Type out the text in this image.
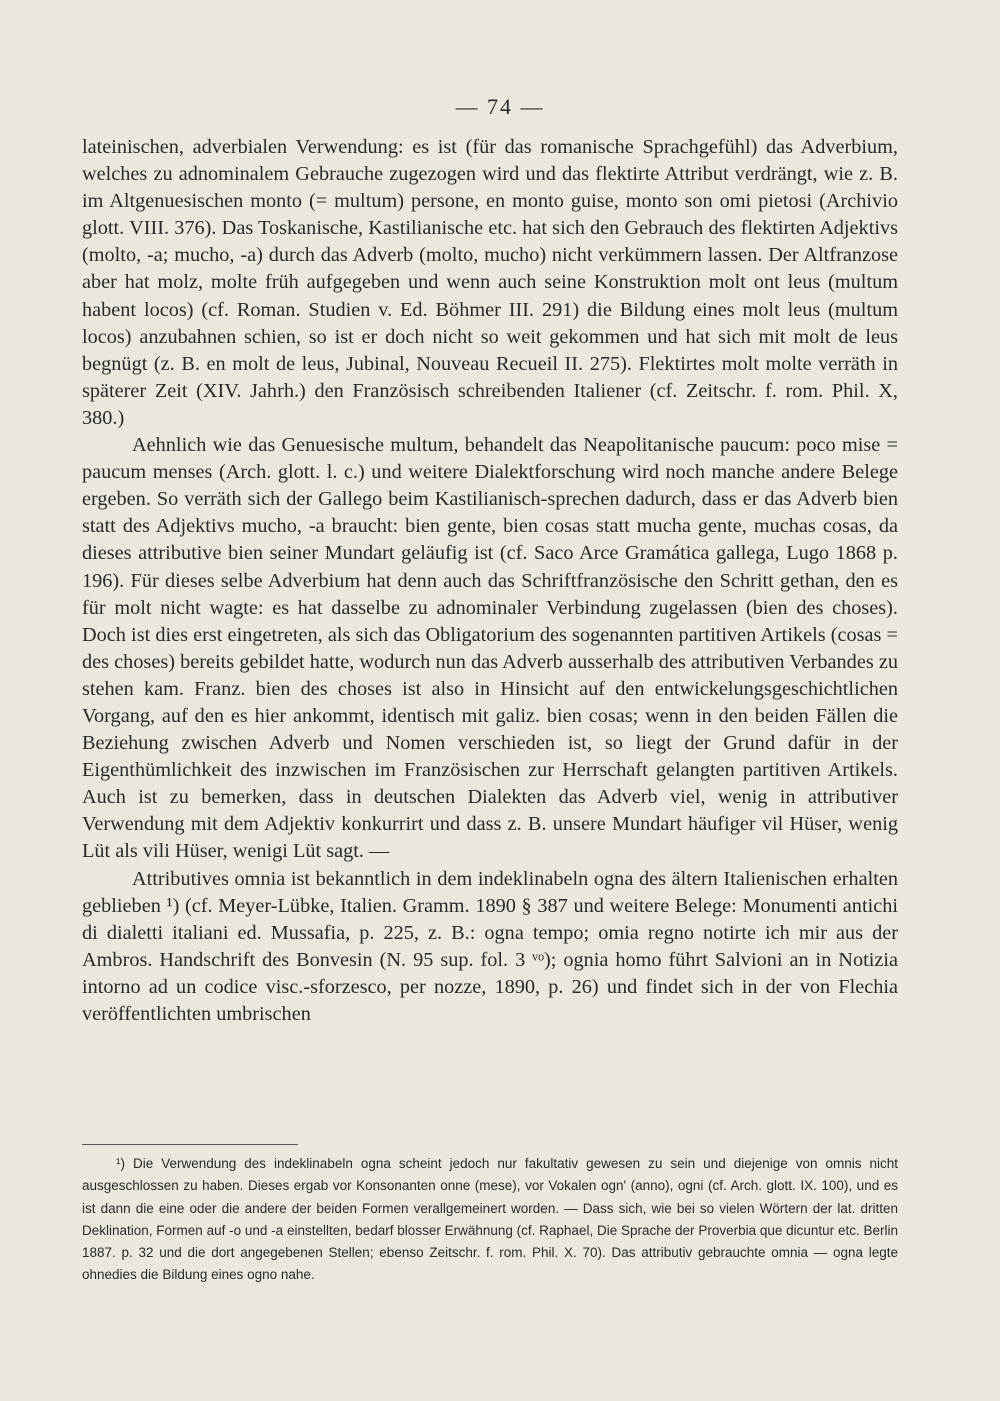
— 74 —

lateinischen, adverbialen Verwendung: es ist (für das romanische Sprachgefühl) das Adverbium, welches zu adnominalem Gebrauche zugezogen wird und das flektirte Attribut verdrängt, wie z. B. im Altgenuesischen monto (= multum) persone, en monto guise, monto son omi pietosi (Archivio glott. VIII. 376). Das Toskanische, Kastilianische etc. hat sich den Gebrauch des flektirten Adjektivs (molto, -a; mucho, -a) durch das Adverb (molto, mucho) nicht verkümmern lassen. Der Altfranzose aber hat molz, molte früh aufgegeben und wenn auch seine Konstruktion molt ont leus (multum habent locos) (cf. Roman. Studien v. Ed. Böhmer III. 291) die Bildung eines molt leus (multum locos) anzubahnen schien, so ist er doch nicht so weit gekommen und hat sich mit molt de leus begnügt (z. B. en molt de leus, Jubinal, Nouveau Recueil II. 275). Flektirtes molt molte verräth in späterer Zeit (XIV. Jahrh.) den Französisch schreibenden Italiener (cf. Zeitschr. f. rom. Phil. X, 380.)

Aehnlich wie das Genuesische multum, behandelt das Neapolitanische paucum: poco mise = paucum menses (Arch. glott. l. c.) und weitere Dialektforschung wird noch manche andere Belege ergeben. So verräth sich der Gallego beim Kastilianisch-sprechen dadurch, dass er das Adverb bien statt des Adjektivs mucho, -a braucht: bien gente, bien cosas statt mucha gente, muchas cosas, da dieses attributive bien seiner Mundart geläufig ist (cf. Saco Arce Gramática gallega, Lugo 1868 p. 196). Für dieses selbe Adverbium hat denn auch das Schriftfranzösische den Schritt gethan, den es für molt nicht wagte: es hat dasselbe zu adnominaler Verbindung zugelassen (bien des choses). Doch ist dies erst eingetreten, als sich das Obligatorium des sogenannten partitiven Artikels (cosas = des choses) bereits gebildet hatte, wodurch nun das Adverb ausserhalb des attributiven Verbandes zu stehen kam. Franz. bien des choses ist also in Hinsicht auf den entwickelungsgeschichtlichen Vorgang, auf den es hier ankommt, identisch mit galiz. bien cosas; wenn in den beiden Fällen die Beziehung zwischen Adverb und Nomen verschieden ist, so liegt der Grund dafür in der Eigenthümlichkeit des inzwischen im Französischen zur Herrschaft gelangten partitiven Artikels. Auch ist zu bemerken, dass in deutschen Dialekten das Adverb viel, wenig in attributiver Verwendung mit dem Adjektiv konkurrirt und dass z. B. unsere Mundart häufiger vil Hüser, wenig Lüt als vili Hüser, wenigi Lüt sagt. —

Attributives omnia ist bekanntlich in dem indeklinabeln ogna des ältern Italienischen erhalten geblieben ¹) (cf. Meyer-Lübke, Italien. Gramm. 1890 § 387 und weitere Belege: Monumenti antichi di dialetti italiani ed. Mussafia, p. 225, z. B.: ogna tempo; omia regno notirte ich mir aus der Ambros. Handschrift des Bonvesin (N. 95 sup. fol. 3 ᵛᵒ); ognia homo führt Salvioni an in Notizia intorno ad un codice visc.-sforzesco, per nozze, 1890, p. 26) und findet sich in der von Flechia veröffentlichten umbrischen

¹) Die Verwendung des indeklinabeln ogna scheint jedoch nur fakultativ gewesen zu sein und diejenige von omnis nicht ausgeschlossen zu haben. Dieses ergab vor Konsonanten onne (mese), vor Vokalen ogn' (anno), ogni (cf. Arch. glott. IX. 100), und es ist dann die eine oder die andere der beiden Formen verallgemeinert worden. — Dass sich, wie bei so vielen Wörtern der lat. dritten Deklination, Formen auf -o und -a einstellten, bedarf blosser Erwähnung (cf. Raphael, Die Sprache der Proverbia que dicuntur etc. Berlin 1887. p. 32 und die dort angegebenen Stellen; ebenso Zeitschr. f. rom. Phil. X. 70). Das attributiv gebrauchte omnia — ogna legte ohnedies die Bildung eines ogno nahe.
